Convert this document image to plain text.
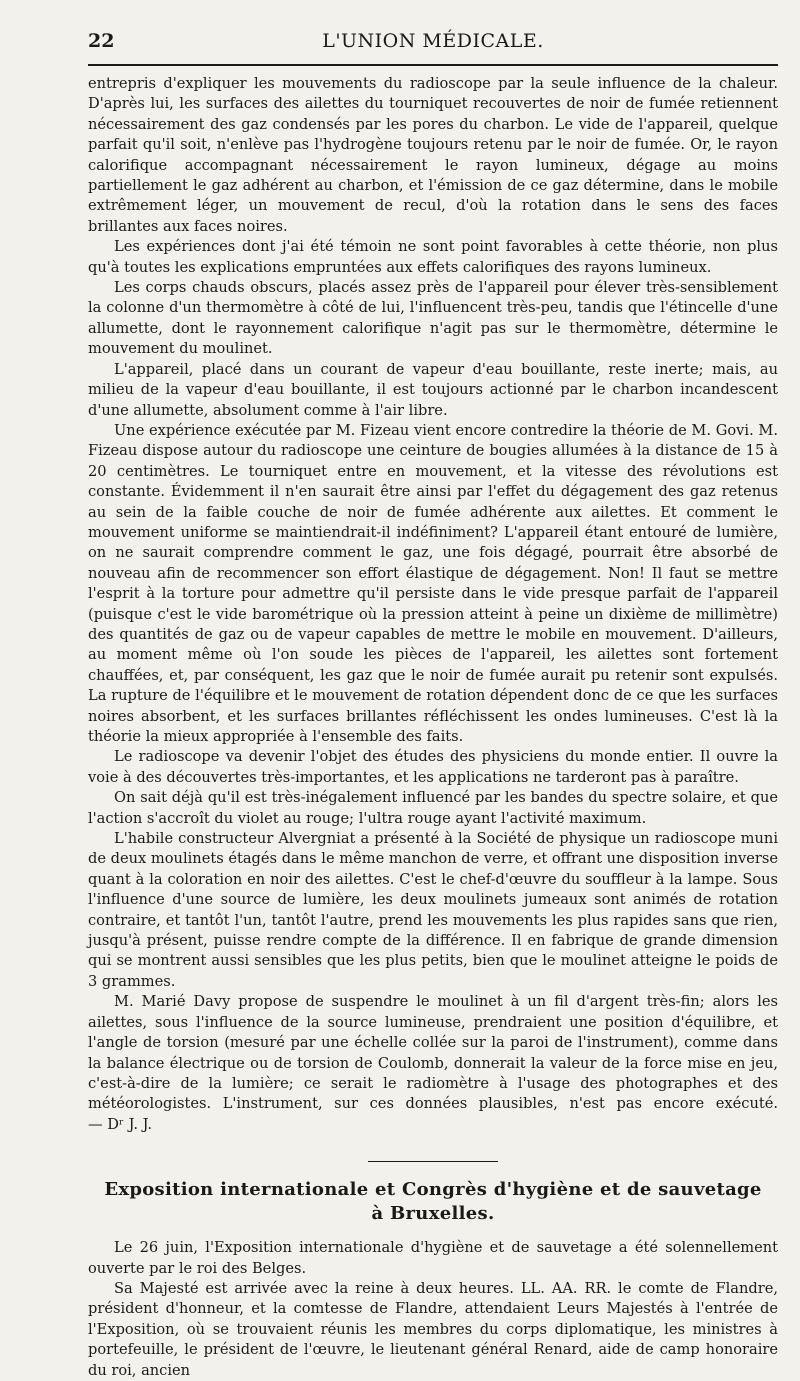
22	L'UNION MÉDICALE.

entrepris d'expliquer les mouvements du radioscope par la seule influence de la chaleur. D'après lui, les surfaces des ailettes du tourniquet recouvertes de noir de fumée retiennent nécessairement des gaz condensés par les pores du charbon. Le vide de l'appareil, quelque parfait qu'il soit, n'enlève pas l'hydrogène toujours retenu par le noir de fumée. Or, le rayon calorifique accompagnant nécessairement le rayon lumineux, dégage au moins partiellement le gaz adhérent au charbon, et l'émission de ce gaz détermine, dans le mobile extrêmement léger, un mouvement de recul, d'où la rotation dans le sens des faces brillantes aux faces noires.

Les expériences dont j'ai été témoin ne sont point favorables à cette théorie, non plus qu'à toutes les explications empruntées aux effets calorifiques des rayons lumineux.

Les corps chauds obscurs, placés assez près de l'appareil pour élever très-sensiblement la colonne d'un thermomètre à côté de lui, l'influencent très-peu, tandis que l'étincelle d'une allumette, dont le rayonnement calorifique n'agit pas sur le thermomètre, détermine le mouvement du moulinet.

L'appareil, placé dans un courant de vapeur d'eau bouillante, reste inerte; mais, au milieu de la vapeur d'eau bouillante, il est toujours actionné par le charbon incandescent d'une allumette, absolument comme à l'air libre.

Une expérience exécutée par M. Fizeau vient encore contredire la théorie de M. Govi. M. Fizeau dispose autour du radioscope une ceinture de bougies allumées à la distance de 15 à 20 centimètres. Le tourniquet entre en mouvement, et la vitesse des révolutions est constante. Évidemment il n'en saurait être ainsi par l'effet du dégagement des gaz retenus au sein de la faible couche de noir de fumée adhérente aux ailettes. Et comment le mouvement uniforme se maintiendrait-il indéfiniment? L'appareil étant entouré de lumière, on ne saurait comprendre comment le gaz, une fois dégagé, pourrait être absorbé de nouveau afin de recommencer son effort élastique de dégagement. Non! Il faut se mettre l'esprit à la torture pour admettre qu'il persiste dans le vide presque parfait de l'appareil (puisque c'est le vide barométrique où la pression atteint à peine un dixième de millimètre) des quantités de gaz ou de vapeur capables de mettre le mobile en mouvement. D'ailleurs, au moment même où l'on soude les pièces de l'appareil, les ailettes sont fortement chauffées, et, par conséquent, les gaz que le noir de fumée aurait pu retenir sont expulsés. La rupture de l'équilibre et le mouvement de rotation dépendent donc de ce que les surfaces noires absorbent, et les surfaces brillantes réfléchissent les ondes lumineuses. C'est là la théorie la mieux appropriée à l'ensemble des faits.

Le radioscope va devenir l'objet des études des physiciens du monde entier. Il ouvre la voie à des découvertes très-importantes, et les applications ne tarderont pas à paraître.

On sait déjà qu'il est très-inégalement influencé par les bandes du spectre solaire, et que l'action s'accroît du violet au rouge; l'ultra rouge ayant l'activité maximum.

L'habile constructeur Alvergniat a présenté à la Société de physique un radioscope muni de deux moulinets étagés dans le même manchon de verre, et offrant une disposition inverse quant à la coloration en noir des ailettes. C'est le chef-d'œuvre du souffleur à la lampe. Sous l'influence d'une source de lumière, les deux moulinets jumeaux sont animés de rotation contraire, et tantôt l'un, tantôt l'autre, prend les mouvements les plus rapides sans que rien, jusqu'à présent, puisse rendre compte de la différence. Il en fabrique de grande dimension qui se montrent aussi sensibles que les plus petits, bien que le moulinet atteigne le poids de 3 grammes.

M. Marié Davy propose de suspendre le moulinet à un fil d'argent très-fin; alors les ailettes, sous l'influence de la source lumineuse, prendraient une position d'équilibre, et l'angle de torsion (mesuré par une échelle collée sur la paroi de l'instrument), comme dans la balance électrique ou de torsion de Coulomb, donnerait la valeur de la force mise en jeu, c'est-à-dire de la lumière; ce serait le radiomètre à l'usage des photographes et des météorologistes. L'instrument, sur ces données plausibles, n'est pas encore exécuté. — Dʳ J. J.

Exposition internationale et Congrès d'hygiène et de sauvetage
à Bruxelles.

Le 26 juin, l'Exposition internationale d'hygiène et de sauvetage a été solennellement ouverte par le roi des Belges.

Sa Majesté est arrivée avec la reine à deux heures. LL. AA. RR. le comte de Flandre, président d'honneur, et la comtesse de Flandre, attendaient Leurs Majestés à l'entrée de l'Exposition, où se trouvaient réunis les membres du corps diplomatique, les ministres à portefeuille, le président de l'œuvre, le lieutenant général Renard, aide de camp honoraire du roi, ancien
